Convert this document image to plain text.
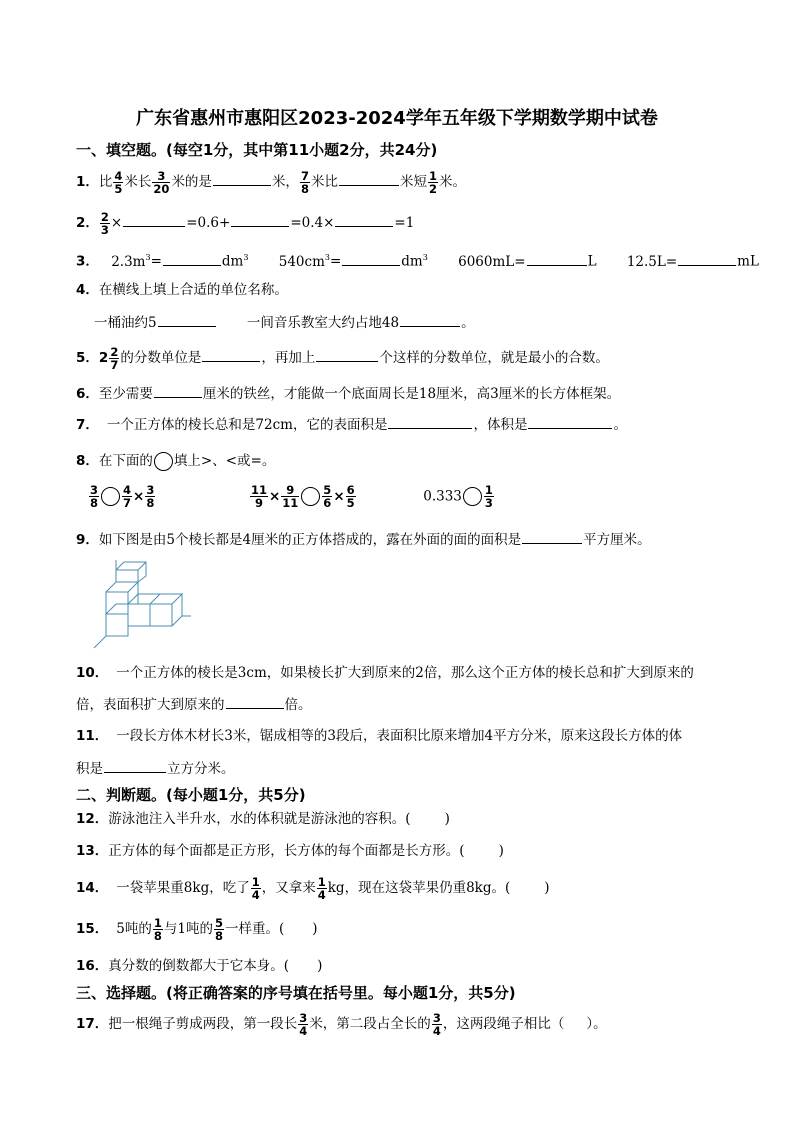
广东省惠州市惠阳区2023-2024学年五年级下学期数学期中试卷
一、填空题。(每空1分，其中第11小题2分，共24分)
1．比 $\frac{4}{5}$ 米长 $\frac{3}{20}$ 米的是	米， $\frac{7}{8}$ 米比	米短 $\frac{1}{2}$ 米。
2． $\frac{2}{3}$ ×	=0.6+	=0.4×	=1
3． $2.3m^3=$	$dm^3$ $540cm^3=$	$dm^3$ 6060mL=	L 12.5L=	mL
4．在横线上填上合适的单位名称。
一桶油约5	一间音乐教室大约占地48	。
5．$2 \frac{2}{7}$ 的分数单位是	，再加上	个这样的分数单位，就是最小的合数。
6．至少需要	厘米的铁丝，才能做一个底面周长是18厘米，高3厘米的长方体框架。
7． 一个正方体的棱长总和是72cm，它的表面积是	，体积是	。
8．在下面的 填上>、<或=。
$\frac{3}{8} \frac{4}{7} \times \frac{3}{8}$
	$\frac{11}{9} \times \frac{9}{11} \frac{5}{6} \times \frac{6}{5}$	$0.333 \frac{1}{3}$
9．如下图是由5个棱长都是4厘米的正方体搭成的，露在外面的面的面积是	平方厘米。
10． 一个正方体的棱长是3cm，如果棱长扩大到原来的2倍，那么这个正方体的棱长总和扩大到原来的
倍，表面积扩大到原来的	倍。
11． 一段长方体木材长3米，锯成相等的3段后，表面积比原来增加4平方分米，原来这段长方体的体
积是	立方分米。
二、判断题。(每小题1分，共5分)
12．游泳池注入半升水，水的体积就是游泳池的容积。(	)
13．正方体的每个面都是正方形，长方体的每个面都是长方形。(	)
14． 一袋苹果重8kg，吃了 $\frac{1}{4}$ ，又拿来 $\frac{1}{4}$ kg，现在这袋苹果仍重8kg。(	)
15． 5吨的 $\frac{1}{8}$ 与1吨的 $\frac{5}{8}$ 一样重。( )
16．真分数的倒数都大于它本身。( )
三、选择题。(将正确答案的序号填在括号里。每小题1分，共5分)
17．把一根绳子剪成两段，第一段长 $\frac{3}{4}$ 米，第二段占全长的 $\frac{3}{4}$ ，这两段绳子相比（ ）。
